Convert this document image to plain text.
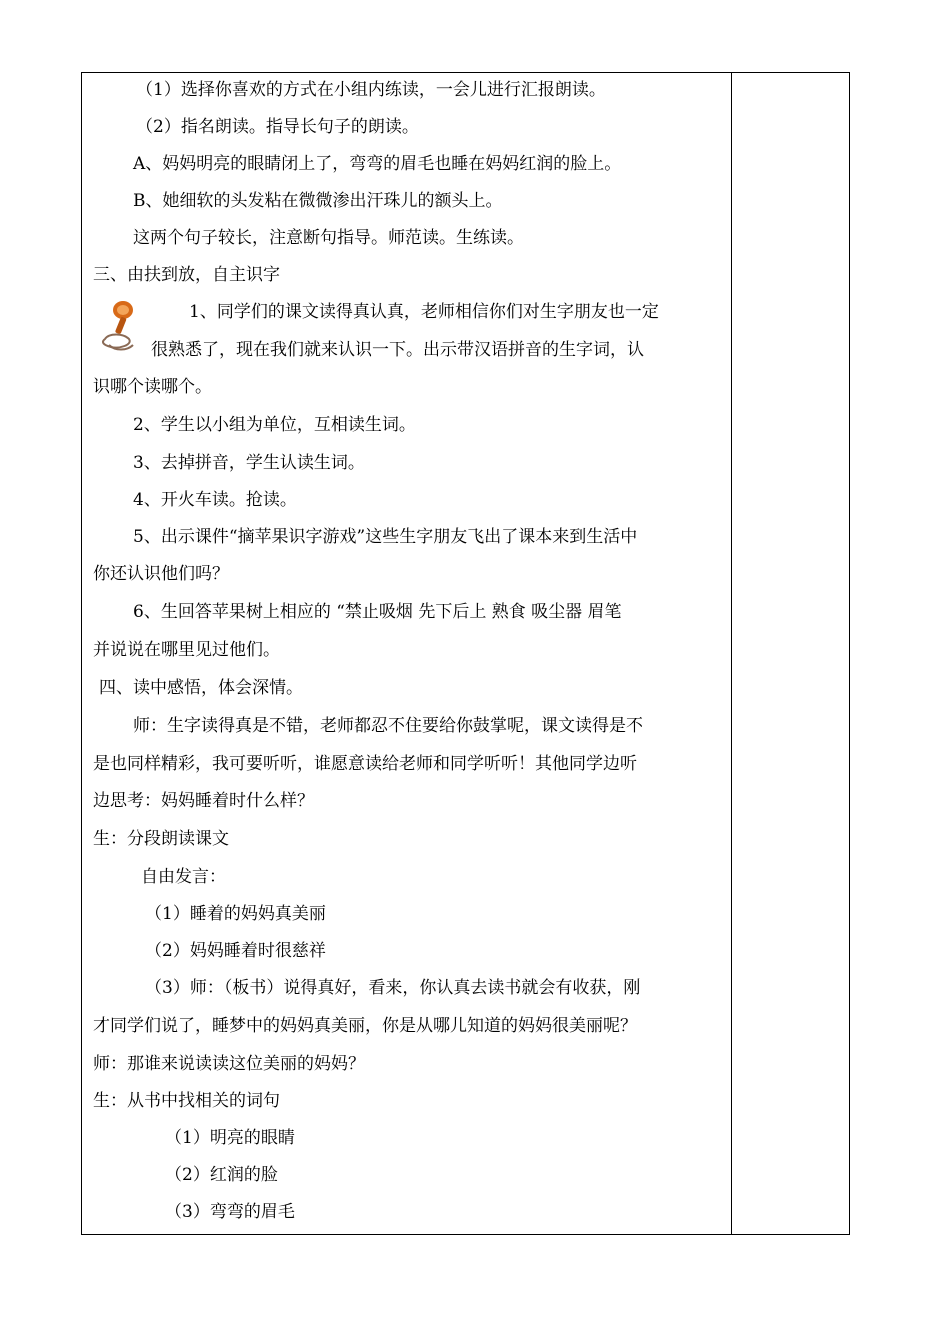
（1）选择你喜欢的方式在小组内练读，一会儿进行汇报朗读。
（2）指名朗读。指导长句子的朗读。
A、妈妈明亮的眼睛闭上了，弯弯的眉毛也睡在妈妈红润的脸上。
B、她细软的头发粘在微微渗出汗珠儿的额头上。
这两个句子较长，注意断句指导。师范读。生练读。
三、由扶到放，自主识字
1、同学们的课文读得真认真，老师相信你们对生字朋友也一定
很熟悉了，现在我们就来认识一下。出示带汉语拼音的生字词，认
识哪个读哪个。
2、学生以小组为单位，互相读生词。
3、去掉拼音，学生认读生词。
4、开火车读。抢读。
5、出示课件“摘苹果识字游戏”这些生字朋友飞出了课本来到生活中
你还认识他们吗？
6、生回答苹果树上相应的 “禁止吸烟 先下后上 熟食 吸尘器 眉笔
并说说在哪里见过他们。
四、读中感悟，体会深情。
师：生字读得真是不错，老师都忍不住要给你鼓掌呢，课文读得是不
是也同样精彩，我可要听听，谁愿意读给老师和同学听听！其他同学边听
边思考：妈妈睡着时什么样？
生：分段朗读课文
自由发言：
（1）睡着的妈妈真美丽
（2）妈妈睡着时很慈祥
（3）师：（板书）说得真好，看来，你认真去读书就会有收获，刚
才同学们说了，睡梦中的妈妈真美丽，你是从哪儿知道的妈妈很美丽呢？
师：那谁来说读读这位美丽的妈妈？
生：从书中找相关的词句
（1）明亮的眼睛
（2）红润的脸
（3）弯弯的眉毛
